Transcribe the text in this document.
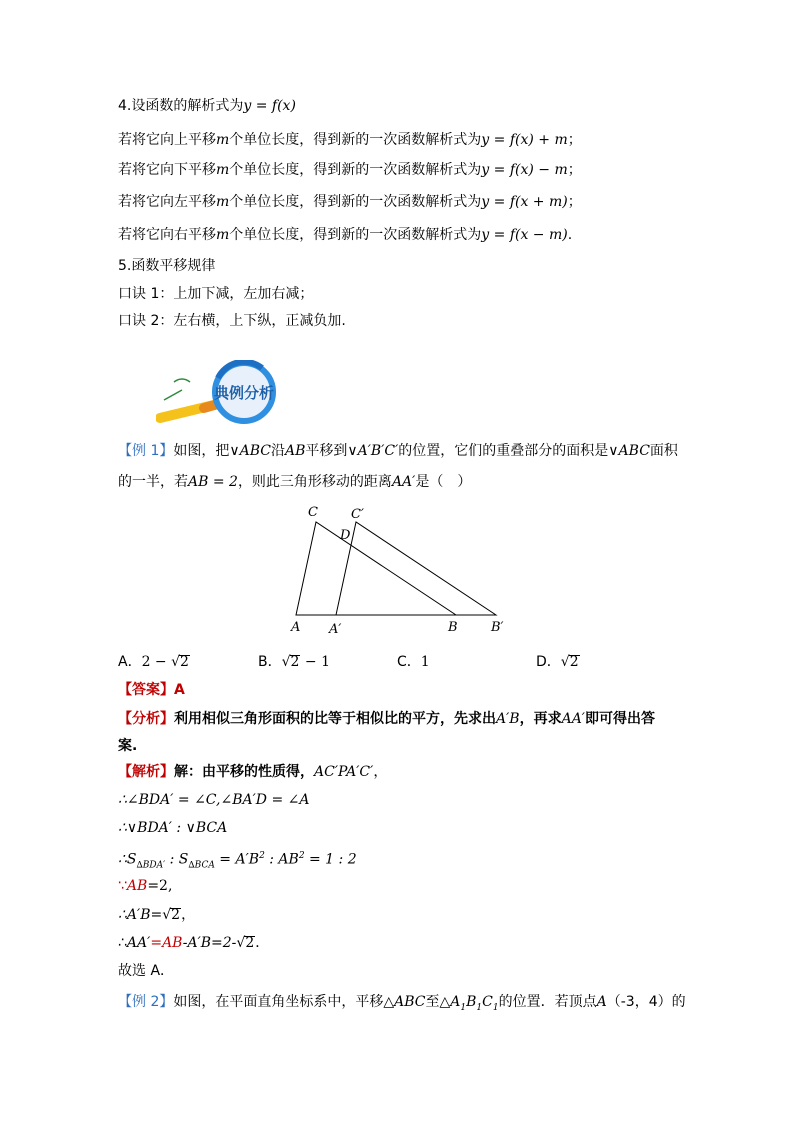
4.设函数的解析式为y = f(x)
若将它向上平移m个单位长度，得到新的一次函数解析式为y = f(x) + m；
若将它向下平移m个单位长度，得到新的一次函数解析式为y = f(x) − m；
若将它向左平移m个单位长度，得到新的一次函数解析式为y = f(x + m)；
若将它向右平移m个单位长度，得到新的一次函数解析式为y = f(x − m).
5.函数平移规律
口诀 1：上加下减，左加右减；
口诀 2：左右横，上下纵，正减负加.
典例分析
【例 1】如图，把∨ABC沿AB平移到∨A′B′C′的位置，它们的重叠部分的面积是∨ABC面积
的一半，若AB = 2，则此三角形移动的距离AA′是（　）
C	C′
D
A A′	B	B′
A．2 − √2	B．√2 − 1	C．1	D．√2
【答案】A
【分析】利用相似三角形面积的比等于相似比的平方，先求出A′B，再求AA′即可得出答
案.
【解析】解：由平移的性质得，AC′PA′C′，
∴∠BDA′ = ∠C,∠BA′D = ∠A
∴∨BDA′ : ∨BCA
$\therefore S_{\Delta BDA'}$ : $S_{\Delta BCA} = A'B^2$ : $AB^2 = 1$ : 2
∵AB=2,
∴A′B=√2，
∴AA′=AB-A′B=2-√2．
故选 A．
【例 2】如图，在平面直角坐标系中，平移△ABC至$\triangle A_1B_1C_1$的位置．若顶点A（-3，4）的
